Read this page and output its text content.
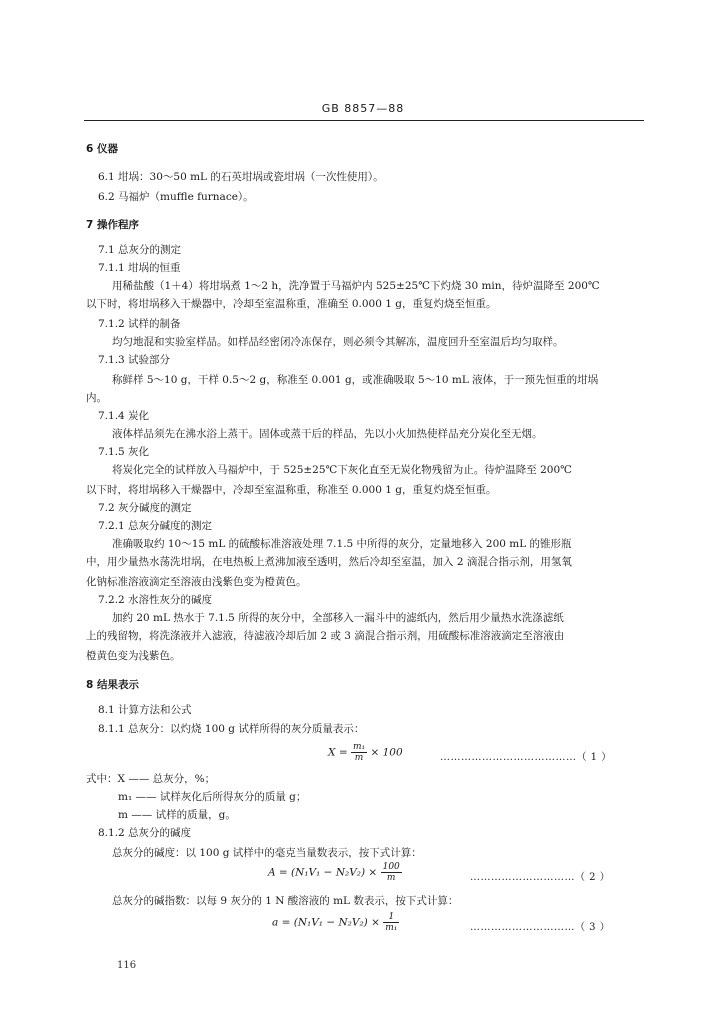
GB 8857—88
6 仪器
6.1 坩埚：30～50 mL 的石英坩埚或瓷坩埚（一次性使用）。
6.2 马福炉（muffle furnace）。
7 操作程序
7.1 总灰分的测定
7.1.1 坩埚的恒重
用稀盐酸（1＋4）将坩埚煮 1～2 h，洗净置于马福炉内 525±25℃下灼烧 30 min，待炉温降至 200℃
以下时，将坩埚移入干燥器中，冷却至室温称重，准确至 0.000 1 g，重复灼烧至恒重。
7.1.2 试样的制备
均匀地混和实验室样品。如样品经密闭冷冻保存，则必须令其解冻，温度回升至室温后均匀取样。
7.1.3 试验部分
称鲜样 5～10 g，干样 0.5～2 g，称准至 0.001 g，或准确吸取 5～10 mL 液体，于一预先恒重的坩埚
内。
7.1.4 炭化
液体样品须先在沸水浴上蒸干。固体或蒸干后的样品，先以小火加热使样品充分炭化至无烟。
7.1.5 灰化
将炭化完全的试样放入马福炉中，于 525±25℃下灰化直至无炭化物残留为止。待炉温降至 200℃
以下时，将坩埚移入干燥器中，冷却至室温称重，称准至 0.000 1 g，重复灼烧至恒重。
7.2 灰分碱度的测定
7.2.1 总灰分碱度的测定
准确吸取约 10～15 mL 的硫酸标准溶液处理 7.1.5 中所得的灰分，定量地移入 200 mL 的锥形瓶
中，用少量热水荡洗坩埚，在电热板上煮沸加液至透明，然后冷却至室温，加入 2 滴混合指示剂，用氢氧
化钠标准溶液滴定至溶液由浅紫色变为橙黄色。
7.2.2 水溶性灰分的碱度
加约 20 mL 热水于 7.1.5 所得的灰分中，全部移入一漏斗中的滤纸内，然后用少量热水洗涤滤纸
上的残留物，将洗涤液并入滤液，待滤液冷却后加 2 或 3 滴混合指示剂，用硫酸标准溶液滴定至溶液由
橙黄色变为浅紫色。
8 结果表示
8.1 计算方法和公式
8.1.1 总灰分：以灼烧 100 g 试样所得的灰分质量表示：
$X = \frac{\text{m₁}}{m} \times 100$	…………………………………（ 1 ）
式中：X —— 总灰分，%；
m₁ —— 试样灰化后所得灰分的质量 g；
m —— 试样的质量，g。
8.1.2 总灰分的碱度
总灰分的碱度：以 100 g 试样中的毫克当量数表示，按下式计算：
$A = (N_1V_1 - N_2V_2) \times \frac{100}{m}$	…………………………（ 2 ）
总灰分的碱指数：以每 9 灰分的 1 N 酸溶液的 mL 数表示，按下式计算：
$a = (N_1V_1 - N_2V_2) \times \frac{1}{\text{m₁}}$	…………………………（ 3 ）
116
